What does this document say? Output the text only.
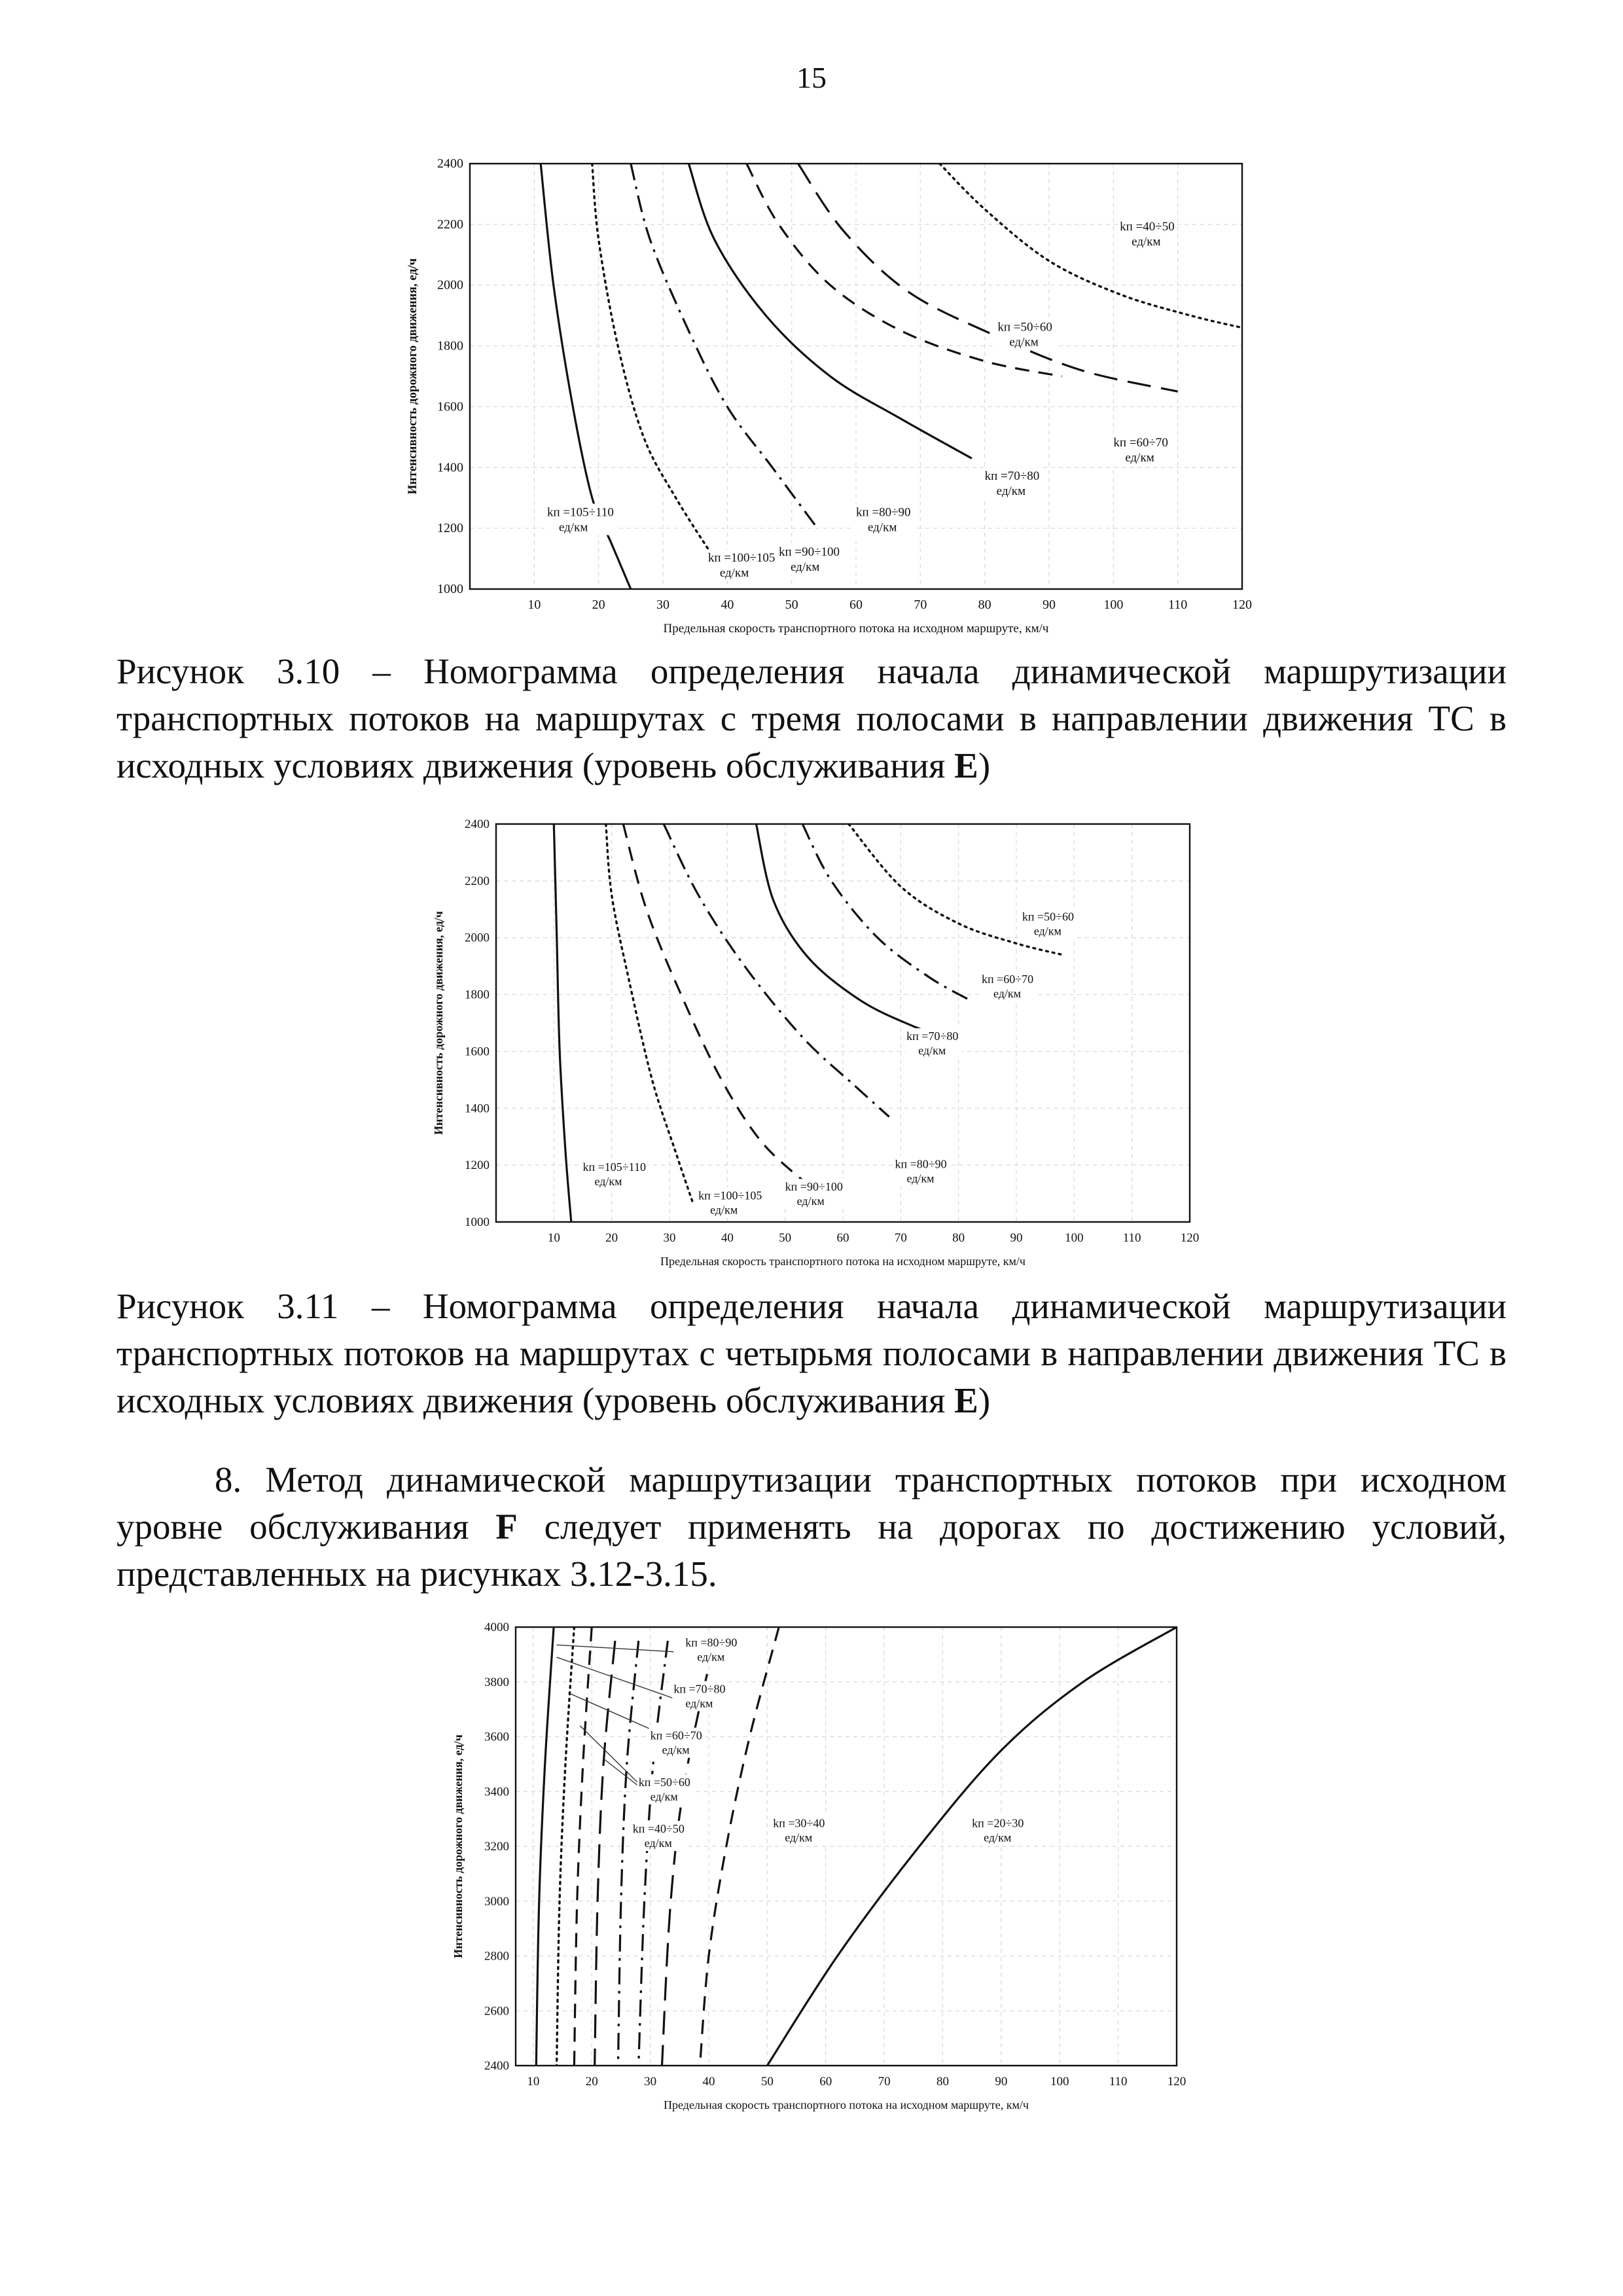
15
1000
1200
1400
1600
1800
2000
2200
2400
10	20	30	40	50	60	70	80	90	100	110	120
Предельная скорость транспортного потока на исходном маршруте, км/ч
Интенсивность дорожного движения, ед/ч
kп =40÷50
ед/км
kп =50÷60
ед/км
kп =60÷70
ед/км
kп =70÷80
ед/км
kп =80÷90
ед/км
kп =90÷100
ед/км
kп =100÷105
ед/км
kп =105÷110
ед/км
Рисунок 3.10 – Номограмма определения начала динамической маршрутизации транспортных потоков на маршрутах с тремя полосами в направлении движения ТС в исходных условиях движения (уровень обслуживания E)
1000
1200
1400
1600
1800
2000
2200
2400
10	20	30	40	50	60	70	80	90	100	110	120
Предельная скорость транспортного потока на исходном маршруте, км/ч
Интенсивность дорожного движения, ед/ч	kп =50÷60
ед/км
kп =60÷70
ед/км
kп =70÷80
ед/км
kп =80÷90
ед/км
kп =90÷100
ед/км
kп =100÷105
ед/км
kп =105÷110
ед/км
Рисунок 3.11 – Номограмма определения начала динамической маршрутизации транспортных потоков на маршрутах с четырьмя полосами в направлении движения ТС в исходных условиях движения (уровень обслуживания E)
8. Метод динамической маршрутизации транспортных потоков при исходном уровне обслуживания F следует применять на дорогах по достижению условий, представленных на рисунках 3.12-3.15.
2400
2600
2800
3000
3200
3400
3600
3800
4000
10	20	30	40	50	60	70	80	90	100	110	120
Предельная скорость транспортного потока на исходном маршруте, км/ч
Интенсивность дорожного движения, ед/ч
kп =80÷90
ед/км
kп =70÷80
ед/км
kп =60÷70
ед/км
kп =50÷60
ед/км
kп =40÷50
ед/км
kп =30÷40
ед/км
kп =20÷30
ед/км
